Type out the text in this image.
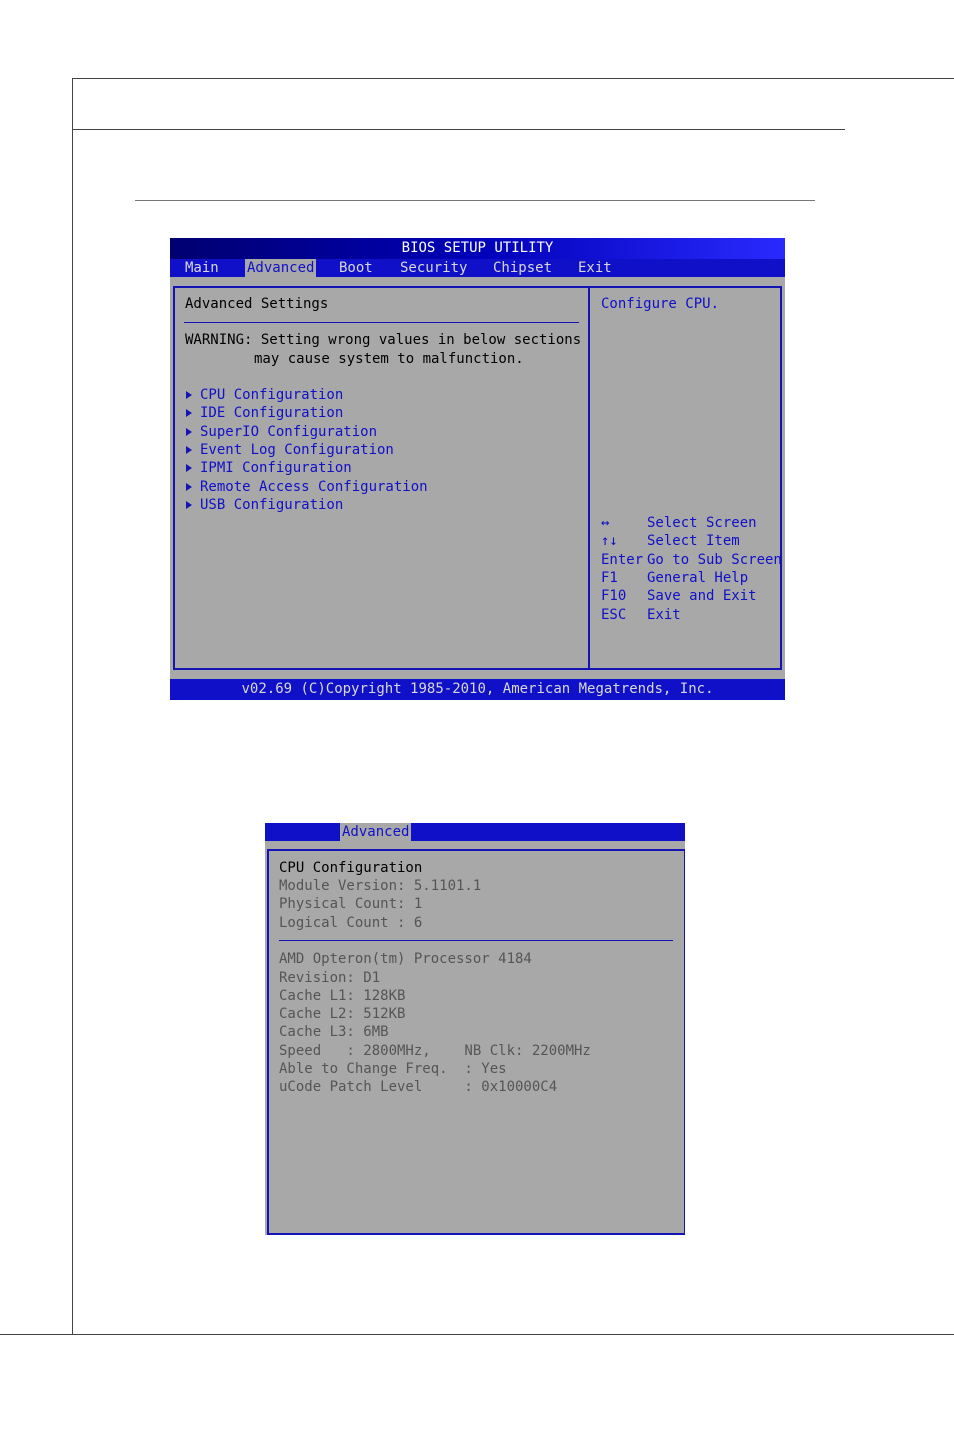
BIOS SETUP UTILITY
Main Advanced Boot Security Chipset Exit
Advanced Settings
WARNING: Setting wrong values in below sections
may cause system to malfunction.
CPU Configuration
IDE Configuration
SuperIO Configuration
Event Log Configuration
IPMI Configuration
Remote Access Configuration
USB Configuration
Configure CPU.
↔	Select Screen
↑↓ Select Item
Enter Go to Sub Screen
F1 General Help
F10 Save and Exit
ESC Exit
v02.69 (C)Copyright 1985-2010, American Megatrends, Inc.
Advanced
CPU Configuration
Module Version: 5.1101.1
Physical Count: 1
Logical Count : 6
AMD Opteron(tm) Processor 4184
Revision: D1
Cache L1: 128KB
Cache L2: 512KB
Cache L3: 6MB
Speed   : 2800MHz,    NB Clk: 2200MHz
Able to Change Freq.  : Yes
uCode Patch Level     : 0x10000C4
